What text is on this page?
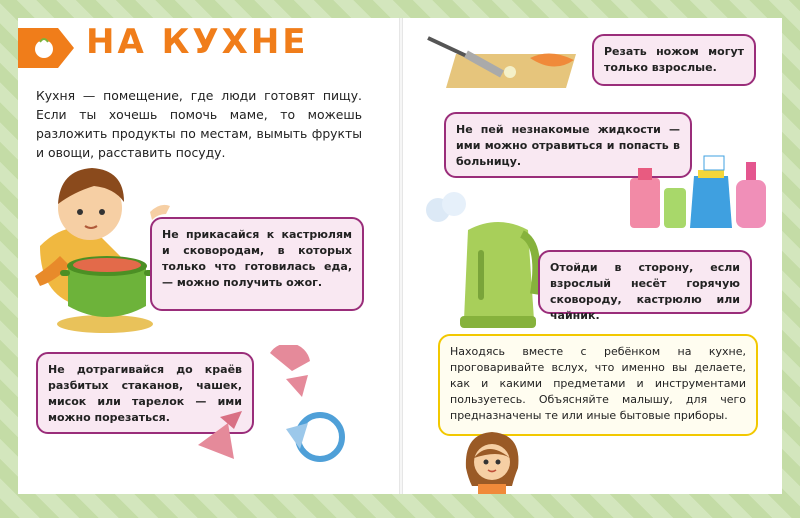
НА КУХНЕ
Кухня — помещение, где люди готовят пищу. Если ты хочешь помочь маме, то можешь разложить продукты по местам, вымыть фрукты и овощи, расставить посуду.
Не прикасайся к кастрюлям и сковородам, в которых только что готовилась еда, — можно получить ожог.
Не дотрагивайся до краёв разбитых стаканов, чашек, мисок или тарелок — ими можно порезаться.
4
Резать ножом могут только взрослые.
Не пей незнакомые жидкости — ими можно отравиться и попасть в больницу.
Отойди в сторону, если взрослый несёт горячую сковороду, кастрюлю или чайник.
Находясь вместе с ребёнком на кухне, проговаривайте вслух, что именно вы делаете, как и какими предметами и инструментами пользуетесь. Объясняйте малышу, для чего предназначены те или иные бытовые приборы.
5
